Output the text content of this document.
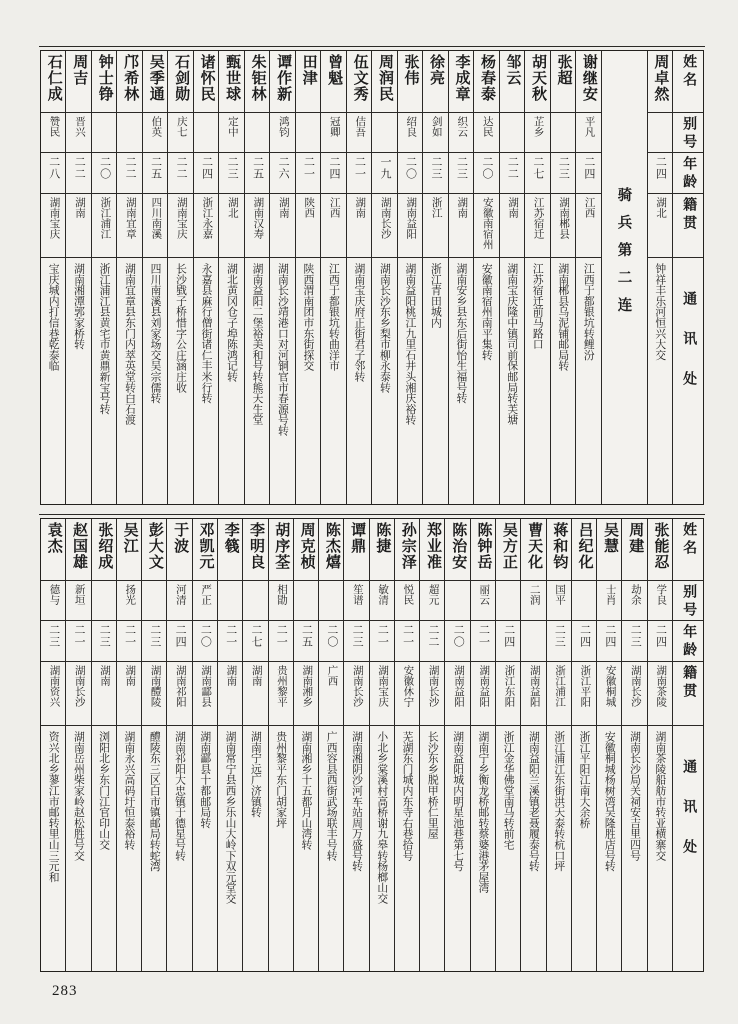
姓名
别号
年龄
籍贯
通讯处
周卓然
二四
湖北
钟祥丰乐河恒兴大交
骑兵第二连
谢继安
平凡
二四
江西
江西于都银坑转鲤汾
张超
二三
湖南郴县
湖南郴县乌泥铺邮局转
胡天秋
芷乡
二七
江苏宿迁
江苏宿迁前马路口
邹云
二二
湖南
湖南宝庆隆中镇司前保邮局转芙塘
杨春泰
达民
二〇
安徽南宿州
安徽南宿州南平集转
李成章
织云
二三
湖南
湖南安乡县东后街怡生福号转
徐亮
剑如
二三
浙江
浙江青田城内
张伟
绍良
二〇
湖南益阳
湖南益阳桃江九里石井头湘庆裕转
周润民
一九
湖南长沙
湖南长沙东乡梨市柳永泰转
伍文秀
佶吾
二一
湖南
湖南宝庆府正街君子邻转
曾魁
冠卿
二四
江西
江西于都银坑转曲洋市
田津
二一
陕西
陕西渭南团市东街探交
谭作新
鸿钧
二六
湖南
湖南长沙靖港口对河铜官市春源号转
朱钜林
二五
湖南汉寿
湖南益阳二堡裕美和号转熊天生堂
甄世球
定中
二三
湖北
湖北黄冈仓子埠陈鸿记转
诸怀民
二四
浙江永嘉
永嘉县麻行僧街诸仁丰米行转
石剑勋
庆七
二二
湖南宝庆
长沙戥子桥惜字公庄涵庄收
吴季通
伯英
二五
四川南溪
四川南溪县刘家场交吴宗儒转
邝希林
二二
湖南宜章
湖南宜章县东门内萃英堂转白石渡
钟士铮
二〇
浙江浦江
浙江浦江县黄宅市黄鼎新宝号转
周吉
晋兴
二二
湖南
湖南湘潭郭家桥转
石仁成
赞民
二八
湖南宝庆
宝庆城内打信巷乾泰临
姓名
别号
年龄
籍贯
通讯处
张能忍
学良
二四
湖南茶陵
湖南茶陵船舫市转亚横寨交
周建
劫余
二三
湖南长沙
湖南长沙局关祠安吉里四号
吴慧
士肖
二四
安徽桐城
安徽桐城杨树湾吴隆胜店号转
吕纪化
二四
浙江平阳
浙江平阳江南大余桥
蒋和钧
国平
二三
浙江浦江
浙江浦江东街洪天泰转杭口坪
曹天化
二润
湖南益阳
湖南益阳兰溪镇老聂履泰号转
吴方正
二四
浙江东阳
浙江金华佛堂南马转前宅
陈钟岳
丽云
二一
湖南益阳
湖南宁乡衡龙桥邮转蔡婆港茅屋湾
陈治安
二〇
湖南益阳
湖南益阳城内明星池巷第七号
郑业准
超元
二二
湖南长沙
长沙东乡脱甲桥仁里屋
孙宗泽
悦民
二一
安徽休宁
芜湖东门城内东寺右巷拾号
陈捷
敏清
二一
湖南宝庆
小北乡棠溪村高桥谢九皋转杨榔山交
谭鼎
笙谱
二三
湖南长沙
湖南湘阴沙河车站周万盛号转
陈杰熺
二〇
广西
广西容县西街武场联丰号转
周克桢
二五
湖南湘乡
湖南湘乡十五都月山湾转
胡序荃
相勖
二一
贵州黎平
贵州黎平东门胡家坪
李明良
二七
湖南
湖南宁远广济镇转
李篯
二一
湖南
湖南常宁县西乡乐山大岭下双元堂交
邓凯元
严正
二〇
湖南酃县
湖南酃县十都邮局转
于波
河清
二四
湖南祁阳
湖南祁阳大忠镇于德星号转
彭大文
二三
湖南醴陵
醴陵东三区白市镇邮局转蛇湾
吴江
扬光
二一
湖南
湖南永兴高码圩恒泰裕转
张绍成
二三
湖南
浏阳北乡东门江官印山交
赵国雄
新垣
二一
湖南长沙
湖南岳州柴家岭赵松胜号交
袁杰
德与
二三
湖南资兴
资兴北乡蓼江市邮转里山三元和
283
